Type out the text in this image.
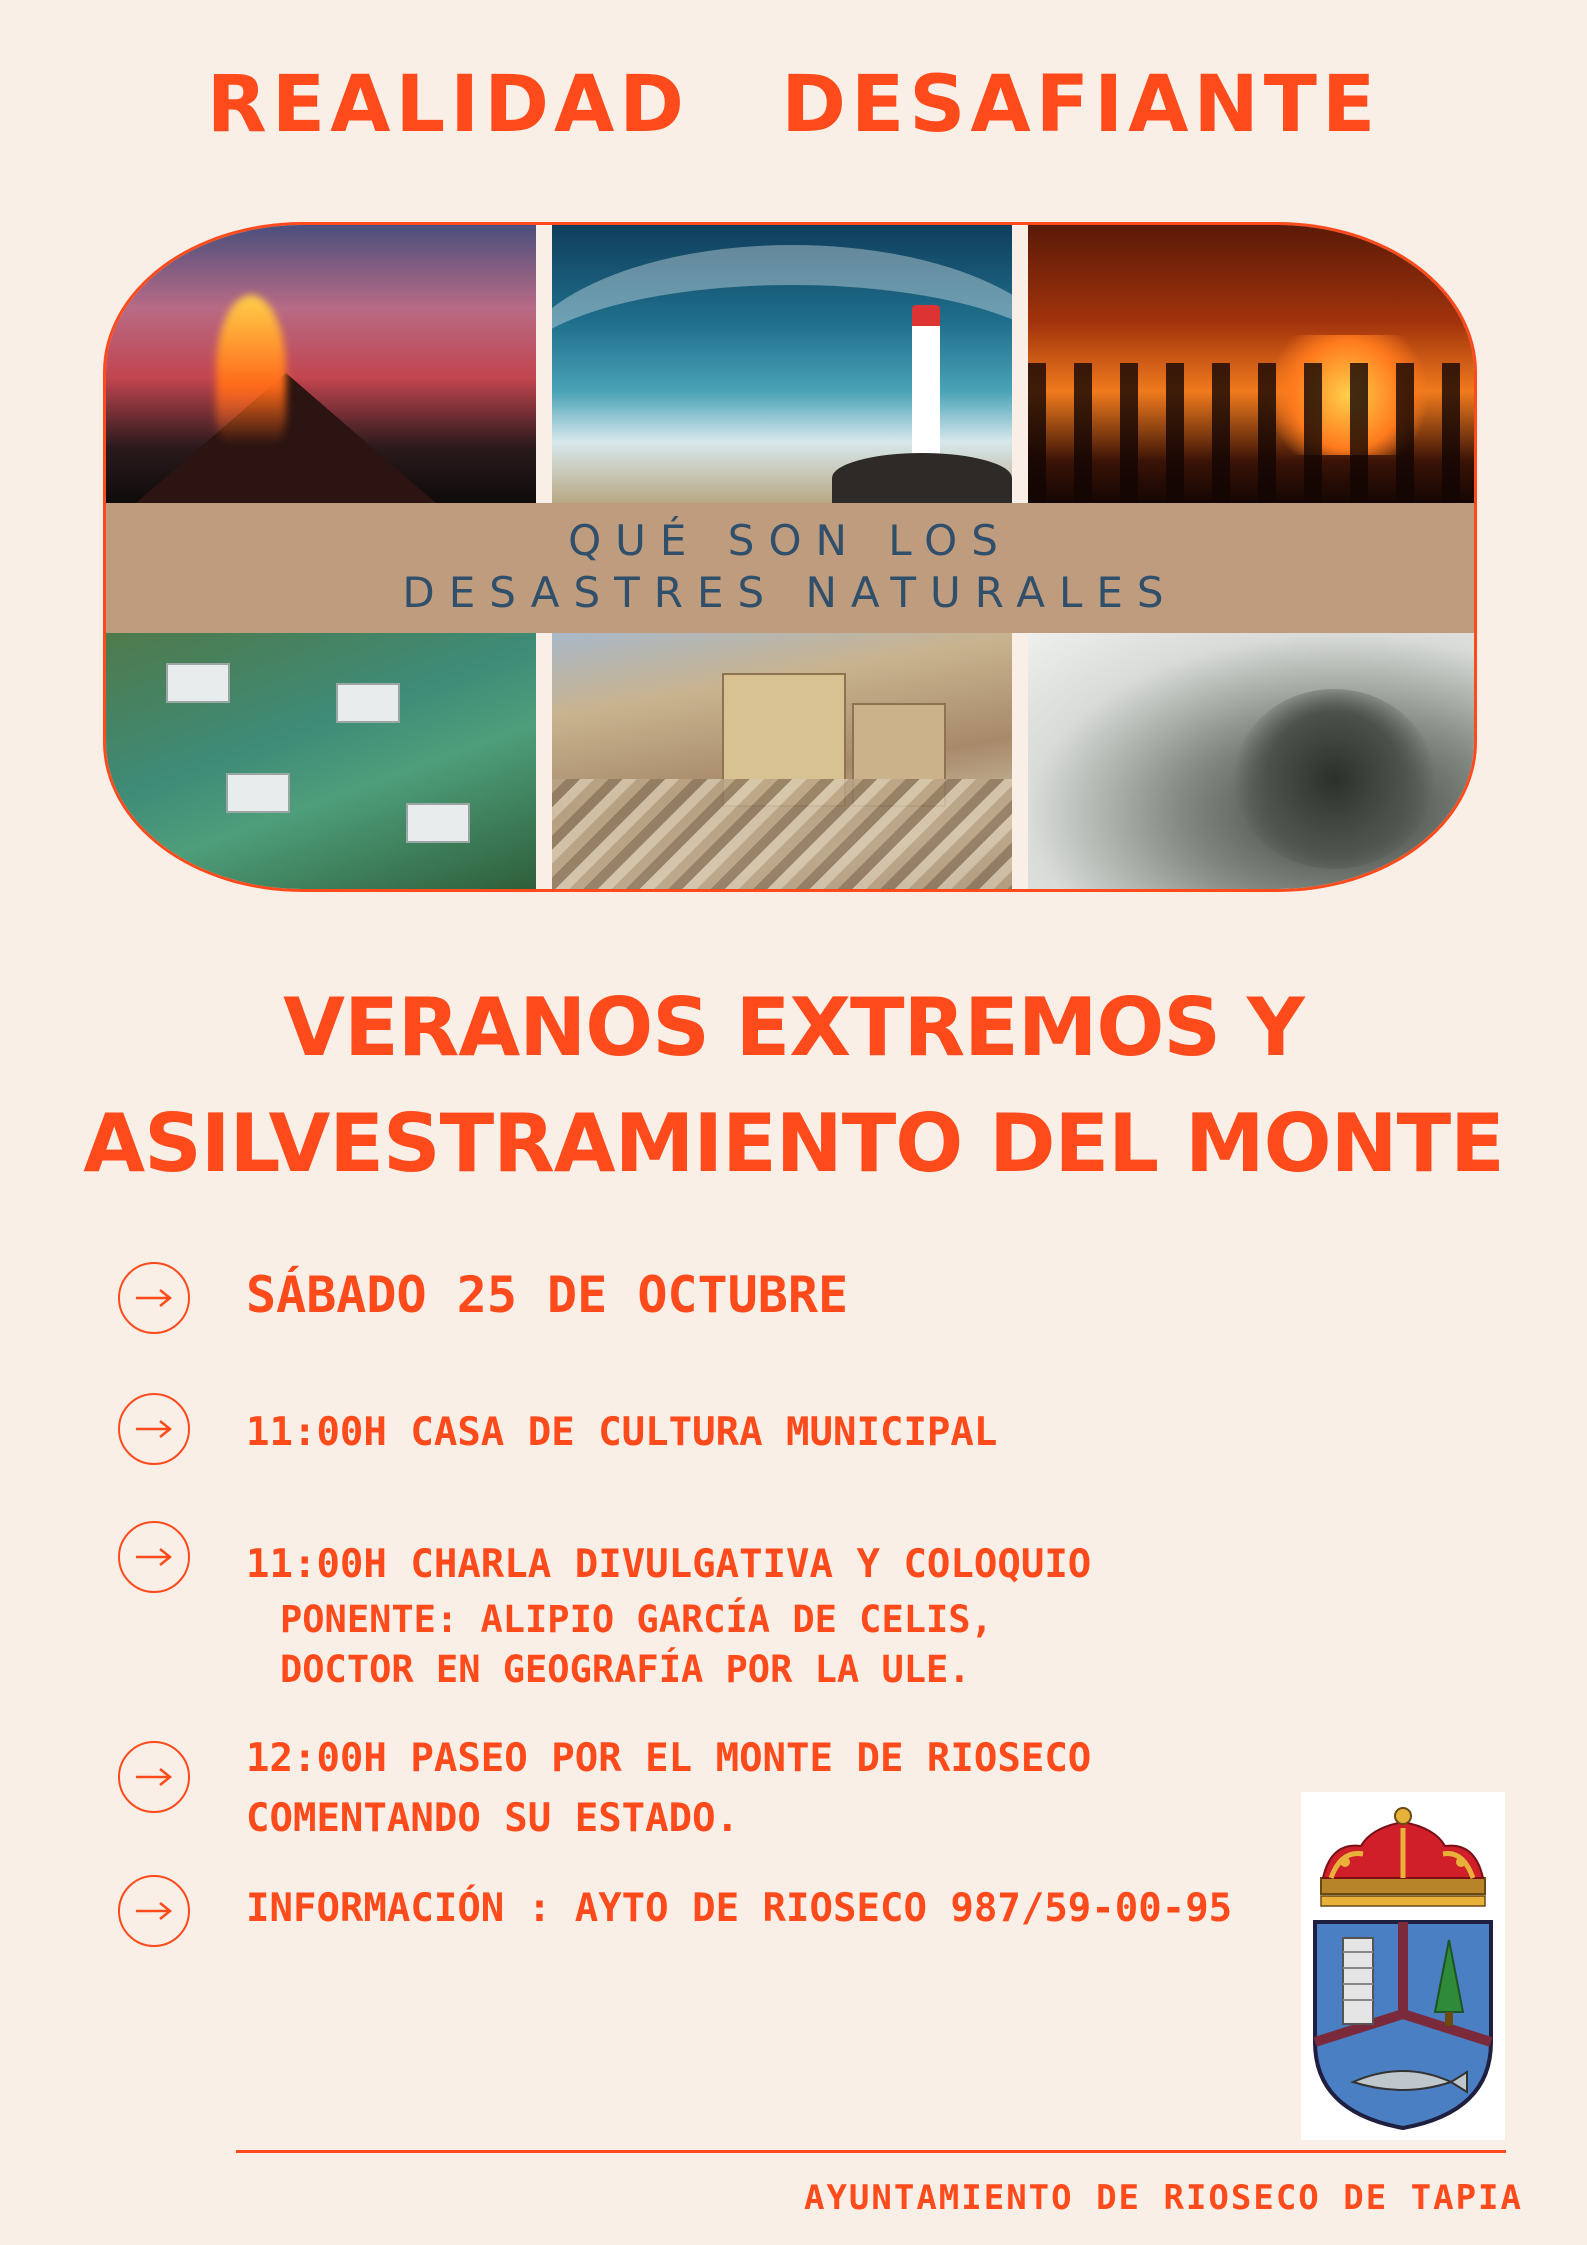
REALIDAD DESAFIANTE
QUÉ SON LOS
DESASTRES NATURALES
VERANOS EXTREMOS Y
ASILVESTRAMIENTO DEL MONTE
SÁBADO 25 DE OCTUBRE
11:00H CASA DE CULTURA MUNICIPAL
11:00H CHARLA DIVULGATIVA Y COLOQUIO
PONENTE: ALIPIO GARCÍA DE CELIS,
DOCTOR EN GEOGRAFÍA POR LA ULE.
12:00H PASEO POR EL MONTE DE RIOSECO
COMENTANDO SU ESTADO.
INFORMACIÓN : AYTO DE RIOSECO 987/59-00-95
AYUNTAMIENTO DE RIOSECO DE TAPIA
